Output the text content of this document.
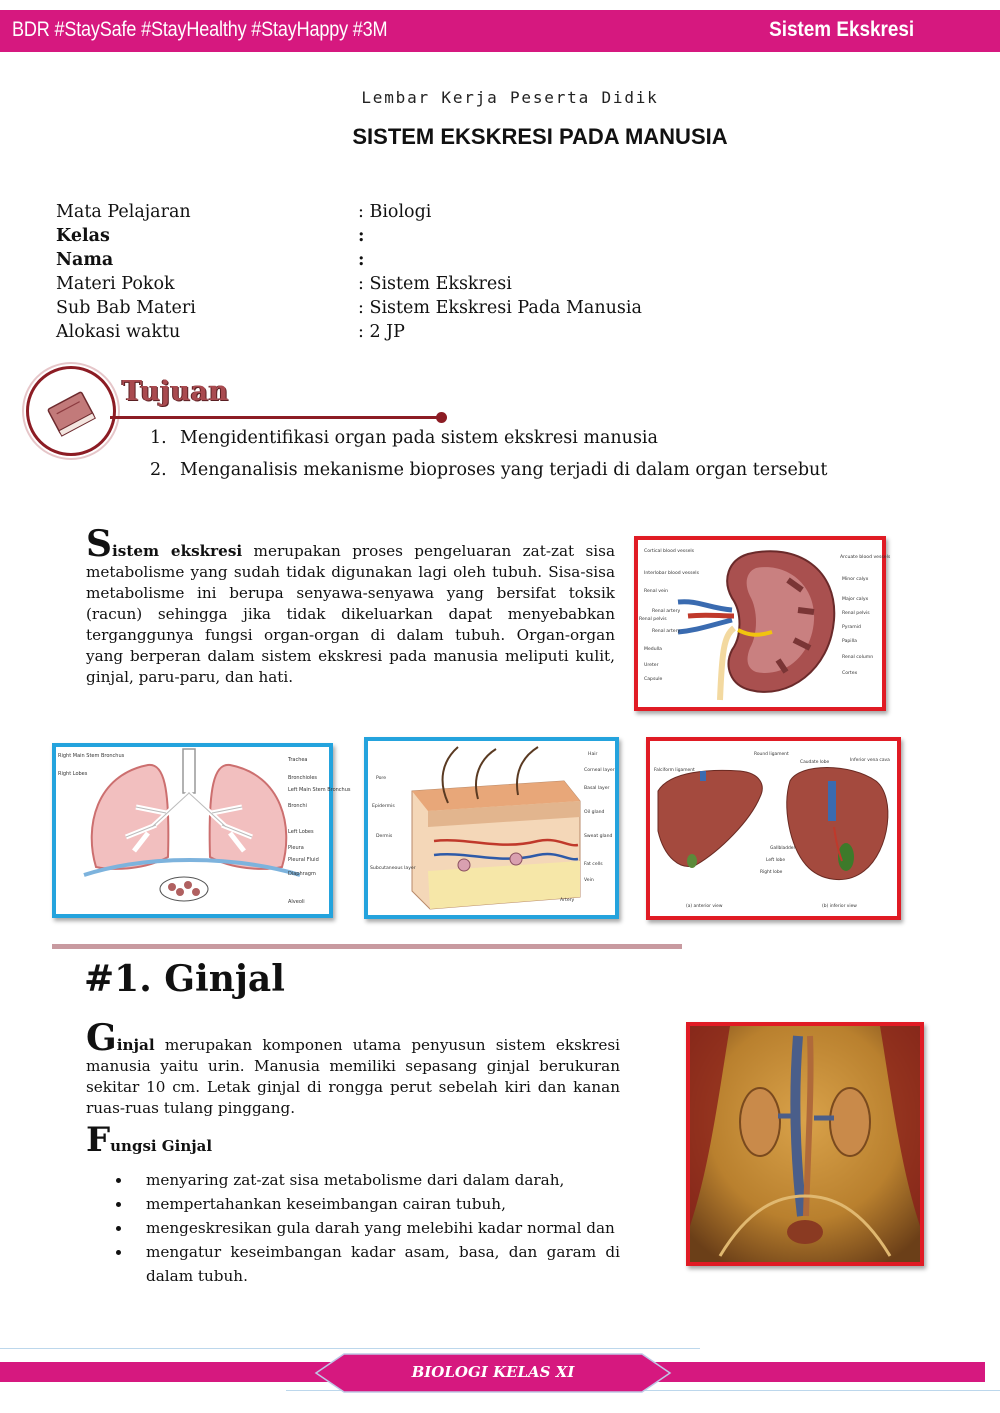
BDR #StaySafe #StayHealthy #StayHappy #3M	Sistem Ekskresi
Lembar Kerja Peserta Didik
SISTEM EKSKRESI PADA MANUSIA
Mata Pelajaran	: Biologi
Kelas	:
Nama	:
Materi Pokok	: Sistem Ekskresi
Sub Bab Materi	: Sistem Ekskresi Pada Manusia
Alokasi waktu	: 2 JP
Tujuan
1. Mengidentifikasi organ pada sistem ekskresi manusia
2. Menganalisis mekanisme bioproses yang terjadi di dalam organ tersebut
Sistem ekskresi merupakan proses pengeluaran zat-zat sisa metabolisme yang sudah tidak digunakan lagi oleh tubuh. Sisa-sisa metabolisme ini berupa senyawa-senyawa yang bersifat toksik (racun) sehingga jika tidak dikeluarkan dapat menyebabkan terganggunya fungsi organ-organ di dalam tubuh. Organ-organ yang berperan dalam sistem ekskresi pada manusia meliputi kulit, ginjal, paru-paru, dan hati.
Cortical blood vessels
Interlobar blood vessels
Renal vein
Renal artery
Renal pelvis
Renal artery
Medulla
Ureter
Capsule
Arcuate blood vessels
Minor calyx
Major calyx
Renal pelvis
Pyramid
Papilla
Renal column
Cortex
Right Main Stem Bronchus
Right Lobes
Trachea
Bronchioles
Left Main Stem Bronchus
Bronchi
Left Lobes
Pleura
Pleural Fluid
Diaphragm
Alveoli
Pore
Epidermis
Dermis
Subcutaneous layer
Hair
Corneal layer
Basal layer
Oil gland
Sweat gland
Fat cells
Vein
Artery
Falciform ligament
Round ligament
Gallbladder
Inferior vena cava
Caudate lobe
Left lobe
Right lobe
(a) anterior view	(b) inferior view
#1. Ginjal
Ginjal merupakan komponen utama penyusun sistem ekskresi manusia yaitu urin. Manusia memiliki sepasang ginjal berukuran sekitar 10 cm. Letak ginjal di rongga perut sebelah kiri dan kanan ruas-ruas tulang pinggang.
Fungsi Ginjal
• menyaring zat-zat sisa metabolisme dari dalam darah,
• mempertahankan keseimbangan cairan tubuh,
• mengeskresikan gula darah yang melebihi kadar normal dan
• mengatur keseimbangan kadar asam, basa, dan garam di dalam tubuh.
BIOLOGI KELAS XI
